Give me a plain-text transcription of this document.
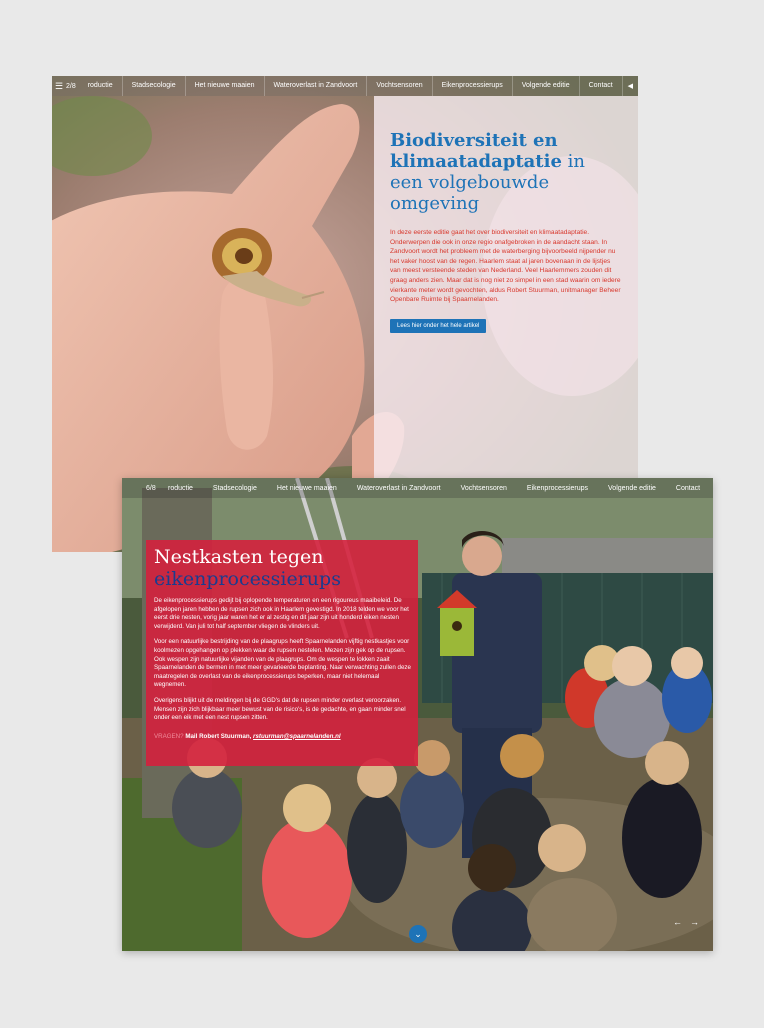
☰ 2/8	roductie	Stadsecologie	Het nieuwe maaien	Wateroverlast in Zandvoort	Vochtsensoren	Eikenprocessierups	Volgende editie	Contact	◀
Biodiversiteit en klimaatadaptatie in een volgebouwde omgeving

In deze eerste editie gaat het over biodiversiteit en klimaatadaptatie. Onderwerpen die ook in onze regio onafgebroken in de aandacht staan. In Zandvoort wordt het probleem met de waterberging bijvoorbeeld nijpender nu het vaker hoost van de regen. Haarlem staat al jaren bovenaan in de lijstjes van meest versteende steden van Nederland. Veel Haarlemmers zouden dit graag anders zien. Maar dat is nog niet zo simpel in een stad waarin om iedere vierkante meter wordt gevochten, aldus Robert Stuurman, unitmanager Beheer Openbare Ruimte bij Spaarnelanden.

Lees hier onder het hele artikel
6/8	roductie	Stadsecologie	Het nieuwe maaien	Wateroverlast in Zandvoort	Vochtsensoren	Eikenprocessierups	Volgende editie	Contact
Nestkasten tegen
eikenprocessierups

De eikenprocessierups gedijt bij oplopende temperaturen en een rigoureus maaibeleid. De afgelopen jaren hebben de rupsen zich ook in Haarlem gevestigd. In 2018 telden we voor het eerst drie nesten, vorig jaar waren het er al zestig en dit jaar zijn uit honderd eiken nesten verwijderd. Van juli tot half september vliegen de vlinders uit.

Voor een natuurlijke bestrijding van de plaagrups heeft Spaarnelanden vijftig nestkastjes voor koolmezen opgehangen op plekken waar de rupsen nestelen. Mezen zijn gek op de rupsen. Ook wespen zijn natuurlijke vijanden van de plaagrups. Om de wespen te lokken zaait Spaarnelanden de bermen in met meer gevarieerde beplanting. Naar verwachting zullen deze maatregelen de overlast van de eikenprocessierups beperken, maar niet helemaal wegnemen.

Overigens blijkt uit de meldingen bij de GGD's dat de rupsen minder overlast veroorzaken. Mensen zijn zich blijkbaar meer bewust van de risico's, is de gedachte, en gaan minder snel onder een eik met een nest rupsen zitten.

VRAGEN? Mail Robert Stuurman, rstuurman@spaarnelanden.nl
← →
⌄
